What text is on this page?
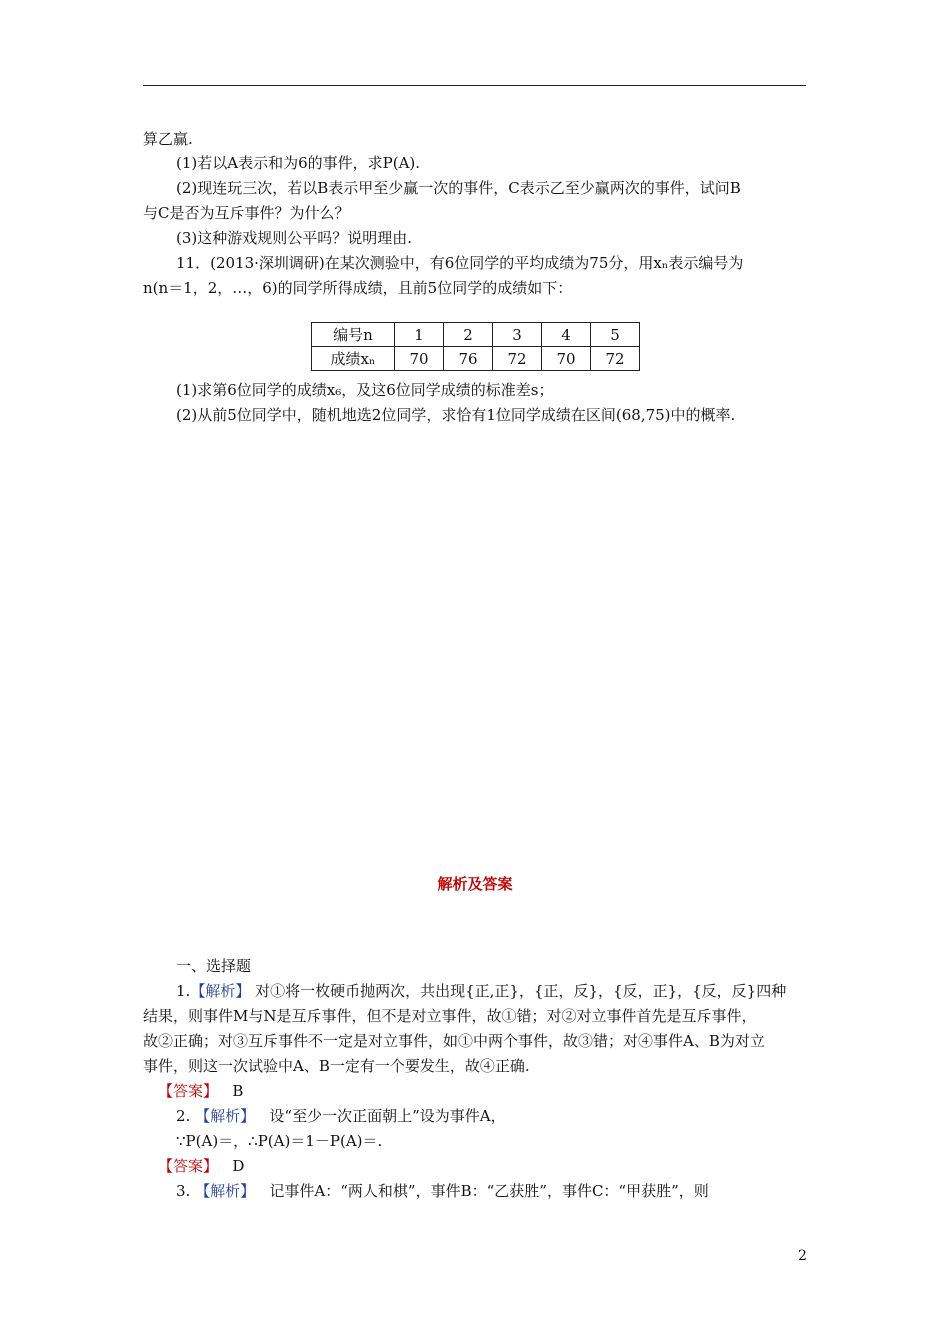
算乙赢.
(1)若以A表示和为6的事件，求P(A).
(2)现连玩三次，若以B表示甲至少赢一次的事件，C表示乙至少赢两次的事件，试问B
与C是否为互斥事件？为什么？
(3)这种游戏规则公平吗？说明理由.
11．(2013·深圳调研)在某次测验中，有6位同学的平均成绩为75分，用xₙ表示编号为
n(n＝1，2，…，6)的同学所得成绩，且前5位同学的成绩如下：
编号n	1	2	3	4	5
成绩xₙ	70	76	72	70	72
(1)求第6位同学的成绩x₆，及这6位同学成绩的标准差s；
(2)从前5位同学中，随机地选2位同学，求恰有1位同学成绩在区间(68,75)中的概率.
解析及答案
一、选择题
1.【解析】 对①将一枚硬币抛两次，共出现{正,正}，{正，反}，{反，正}，{反，反}四种
结果，则事件M与N是互斥事件，但不是对立事件，故①错；对②对立事件首先是互斥事件，
故②正确；对③互斥事件不一定是对立事件，如①中两个事件，故③错；对④事件A、B为对立
事件，则这一次试验中A、B一定有一个要发生，故④正确.
【答案】 B
2. 【解析】 设“至少一次正面朝上”设为事件A，
∵P(A)＝，∴P(A)＝1－P(A)＝.
【答案】 D
3. 【解析】 记事件A：“两人和棋”，事件B：“乙获胜”，事件C：“甲获胜”，则
2
